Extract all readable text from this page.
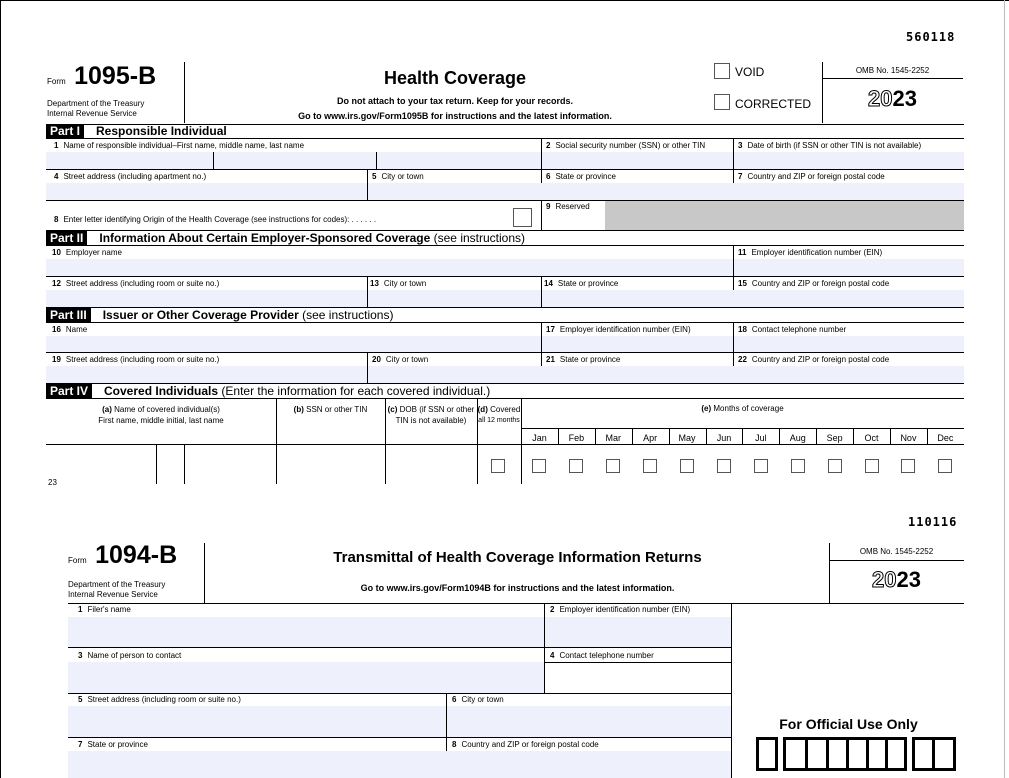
560118
Form 1095-B
Department of the Treasury
Internal Revenue Service
Health Coverage
Do not attach to your tax return. Keep for your records.
Go to www.irs.gov/Form1095B for instructions and the latest information.
VOID
CORRECTED
OMB No. 1545-2252
2023
Part I Responsible Individual
1 Name of responsible individual–First name, middle name, last name	2 Social security number (SSN) or other TIN	3 Date of birth (if SSN or other TIN is not available)
4 Street address (including apartment no.)	5 City or town	6 State or province	7 Country and ZIP or foreign postal code
8 Enter letter identifying Origin of the Health Coverage (see instructions for codes): . . . . . .
9 Reserved
Part II Information About Certain Employer-Sponsored Coverage (see instructions)
10 Employer name	11 Employer identification number (EIN)
12 Street address (including room or suite no.)	13 City or town	14 State or province	15 Country and ZIP or foreign postal code
Part III Issuer or Other Coverage Provider (see instructions)
16 Name	17 Employer identification number (EIN)	18 Contact telephone number
19 Street address (including room or suite no.)	20 City or town	21 State or province	22 Country and ZIP or foreign postal code
Part IV Covered Individuals (Enter the information for each covered individual.)
(a) Name of covered individual(s)
First name, middle initial, last name
(b) SSN or other TIN	(c) DOB (if SSN or other
TIN is not available)
(d) Covered
all 12 months
(e) Months of coverage
Jan	Feb	Mar	Apr	May	Jun	Jul	Aug	Sep	Oct	Nov	Dec
23
110116
Form 1094-B
Department of the Treasury
Internal Revenue Service
Transmittal of Health Coverage Information Returns
Go to www.irs.gov/Form1094B for instructions and the latest information.
OMB No. 1545-2252
2023
1 Filer's name	2 Employer identification number (EIN)
3 Name of person to contact	4 Contact telephone number
5 Street address (including room or suite no.)	6 City or town
7 State or province	8 Country and ZIP or foreign postal code
For Official Use Only
